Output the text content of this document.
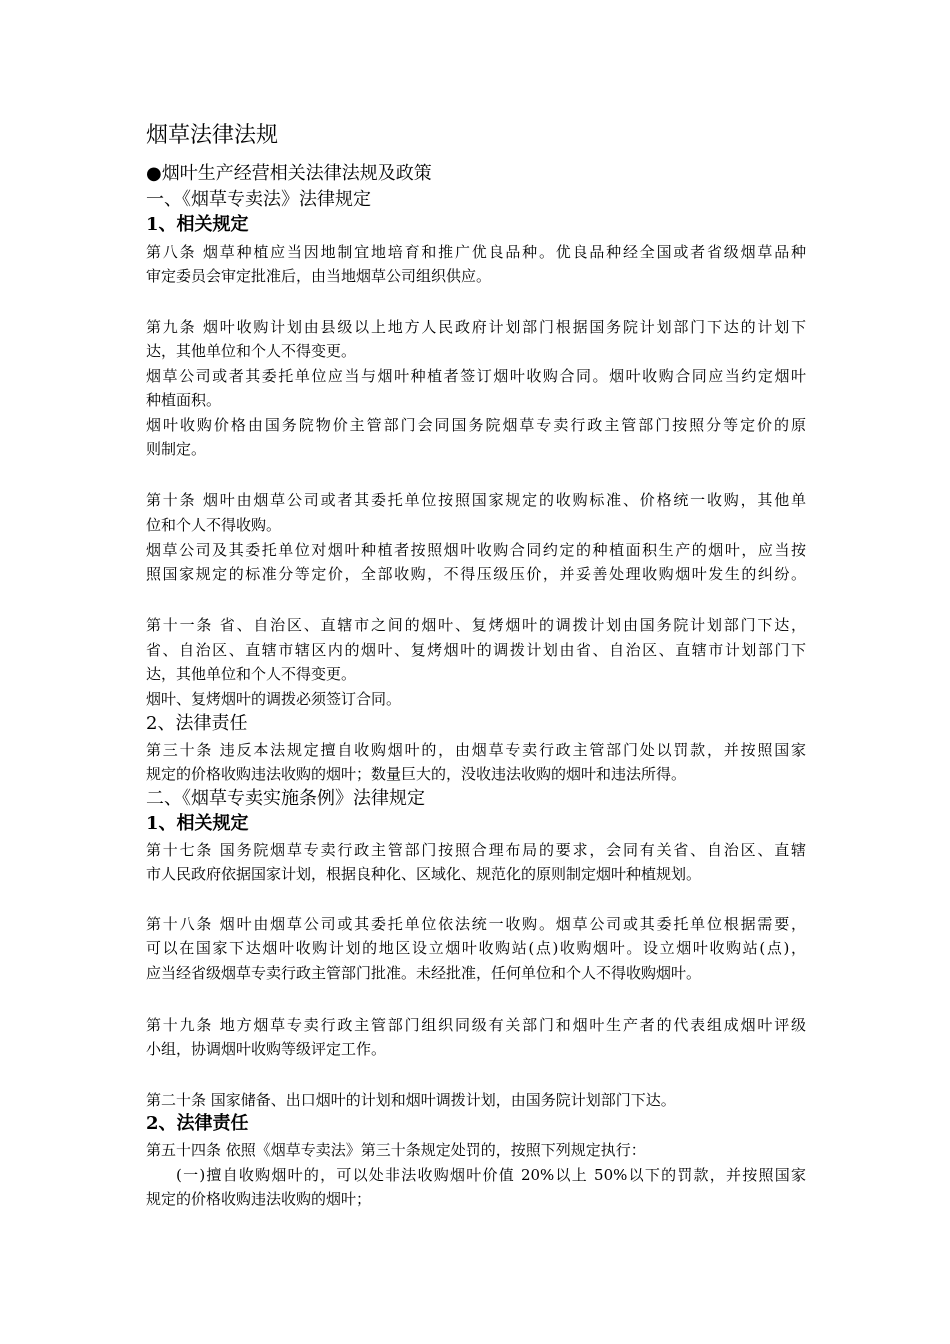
烟草法律法规
●烟叶生产经营相关法律法规及政策
一、《烟草专卖法》法律规定
1、相关规定
第八条 烟草种植应当因地制宜地培育和推广优良品种。优良品种经全国或者省级烟草品种
审定委员会审定批准后，由当地烟草公司组织供应。
第九条 烟叶收购计划由县级以上地方人民政府计划部门根据国务院计划部门下达的计划下
达，其他单位和个人不得变更。
烟草公司或者其委托单位应当与烟叶种植者签订烟叶收购合同。烟叶收购合同应当约定烟叶
种植面积。
烟叶收购价格由国务院物价主管部门会同国务院烟草专卖行政主管部门按照分等定价的原
则制定。
第十条 烟叶由烟草公司或者其委托单位按照国家规定的收购标准、价格统一收购，其他单
位和个人不得收购。
烟草公司及其委托单位对烟叶种植者按照烟叶收购合同约定的种植面积生产的烟叶，应当按
照国家规定的标准分等定价，全部收购，不得压级压价，并妥善处理收购烟叶发生的纠纷。
第十一条 省、自治区、直辖市之间的烟叶、复烤烟叶的调拨计划由国务院计划部门下达，
省、自治区、直辖市辖区内的烟叶、复烤烟叶的调拨计划由省、自治区、直辖市计划部门下
达，其他单位和个人不得变更。
烟叶、复烤烟叶的调拨必须签订合同。
2、法律责任
第三十条 违反本法规定擅自收购烟叶的，由烟草专卖行政主管部门处以罚款，并按照国家
规定的价格收购违法收购的烟叶；数量巨大的，没收违法收购的烟叶和违法所得。
二、《烟草专卖实施条例》法律规定
1、相关规定
第十七条 国务院烟草专卖行政主管部门按照合理布局的要求，会同有关省、自治区、直辖
市人民政府依据国家计划，根据良种化、区域化、规范化的原则制定烟叶种植规划。
第十八条 烟叶由烟草公司或其委托单位依法统一收购。烟草公司或其委托单位根据需要，
可以在国家下达烟叶收购计划的地区设立烟叶收购站(点)收购烟叶。设立烟叶收购站(点)，
应当经省级烟草专卖行政主管部门批准。未经批准，任何单位和个人不得收购烟叶。
第十九条 地方烟草专卖行政主管部门组织同级有关部门和烟叶生产者的代表组成烟叶评级
小组，协调烟叶收购等级评定工作。
第二十条 国家储备、出口烟叶的计划和烟叶调拨计划，由国务院计划部门下达。
2、法律责任
第五十四条 依照《烟草专卖法》第三十条规定处罚的，按照下列规定执行：
(一)擅自收购烟叶的，可以处非法收购烟叶价值 20%以上 50%以下的罚款，并按照国家
规定的价格收购违法收购的烟叶；
